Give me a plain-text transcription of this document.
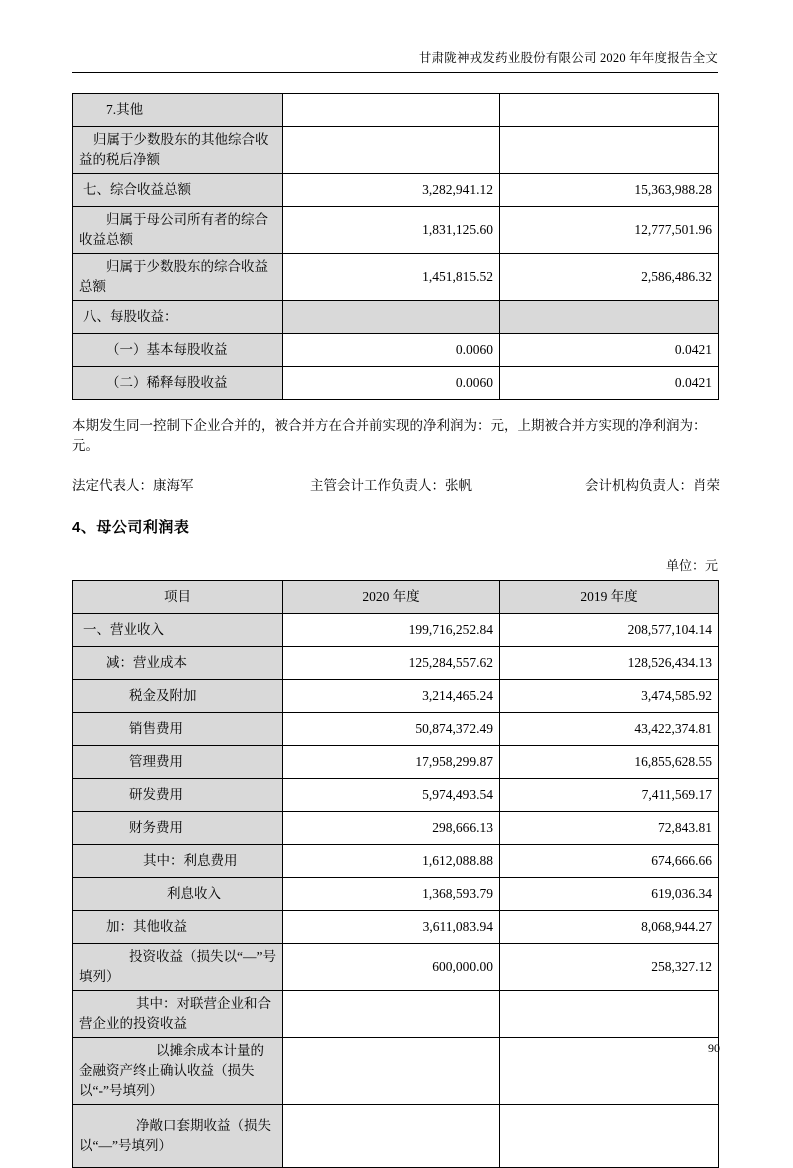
甘肃陇神戎发药业股份有限公司 2020 年年度报告全文
7.其他		
归属于少数股东的其他综合收益的税后净额		
七、综合收益总额	3,282,941.12	15,363,988.28
归属于母公司所有者的综合收益总额	1,831,125.60	12,777,501.96
归属于少数股东的综合收益总额	1,451,815.52	2,586,486.32
八、每股收益：		
（一）基本每股收益	0.0060	0.0421
（二）稀释每股收益	0.0060	0.0421
本期发生同一控制下企业合并的，被合并方在合并前实现的净利润为：元，上期被合并方实现的净利润为：元。
法定代表人：康海军	主管会计工作负责人：张帆	会计机构负责人：肖荣
4、母公司利润表
单位：元
项目	2020 年度	2019 年度
一、营业收入	199,716,252.84	208,577,104.14
减：营业成本	125,284,557.62	128,526,434.13
税金及附加	3,214,465.24	3,474,585.92
销售费用	50,874,372.49	43,422,374.81
管理费用	17,958,299.87	16,855,628.55
研发费用	5,974,493.54	7,411,569.17
财务费用	298,666.13	72,843.81
其中：利息费用	1,612,088.88	674,666.66
利息收入	1,368,593.79	619,036.34
加：其他收益	3,611,083.94	8,068,944.27
投资收益（损失以“—”号填列）	600,000.00	258,327.12
其中：对联营企业和合营企业的投资收益		
以摊余成本计量的金融资产终止确认收益（损失以“-”号填列）		
净敞口套期收益（损失以“—”号填列）		
90
